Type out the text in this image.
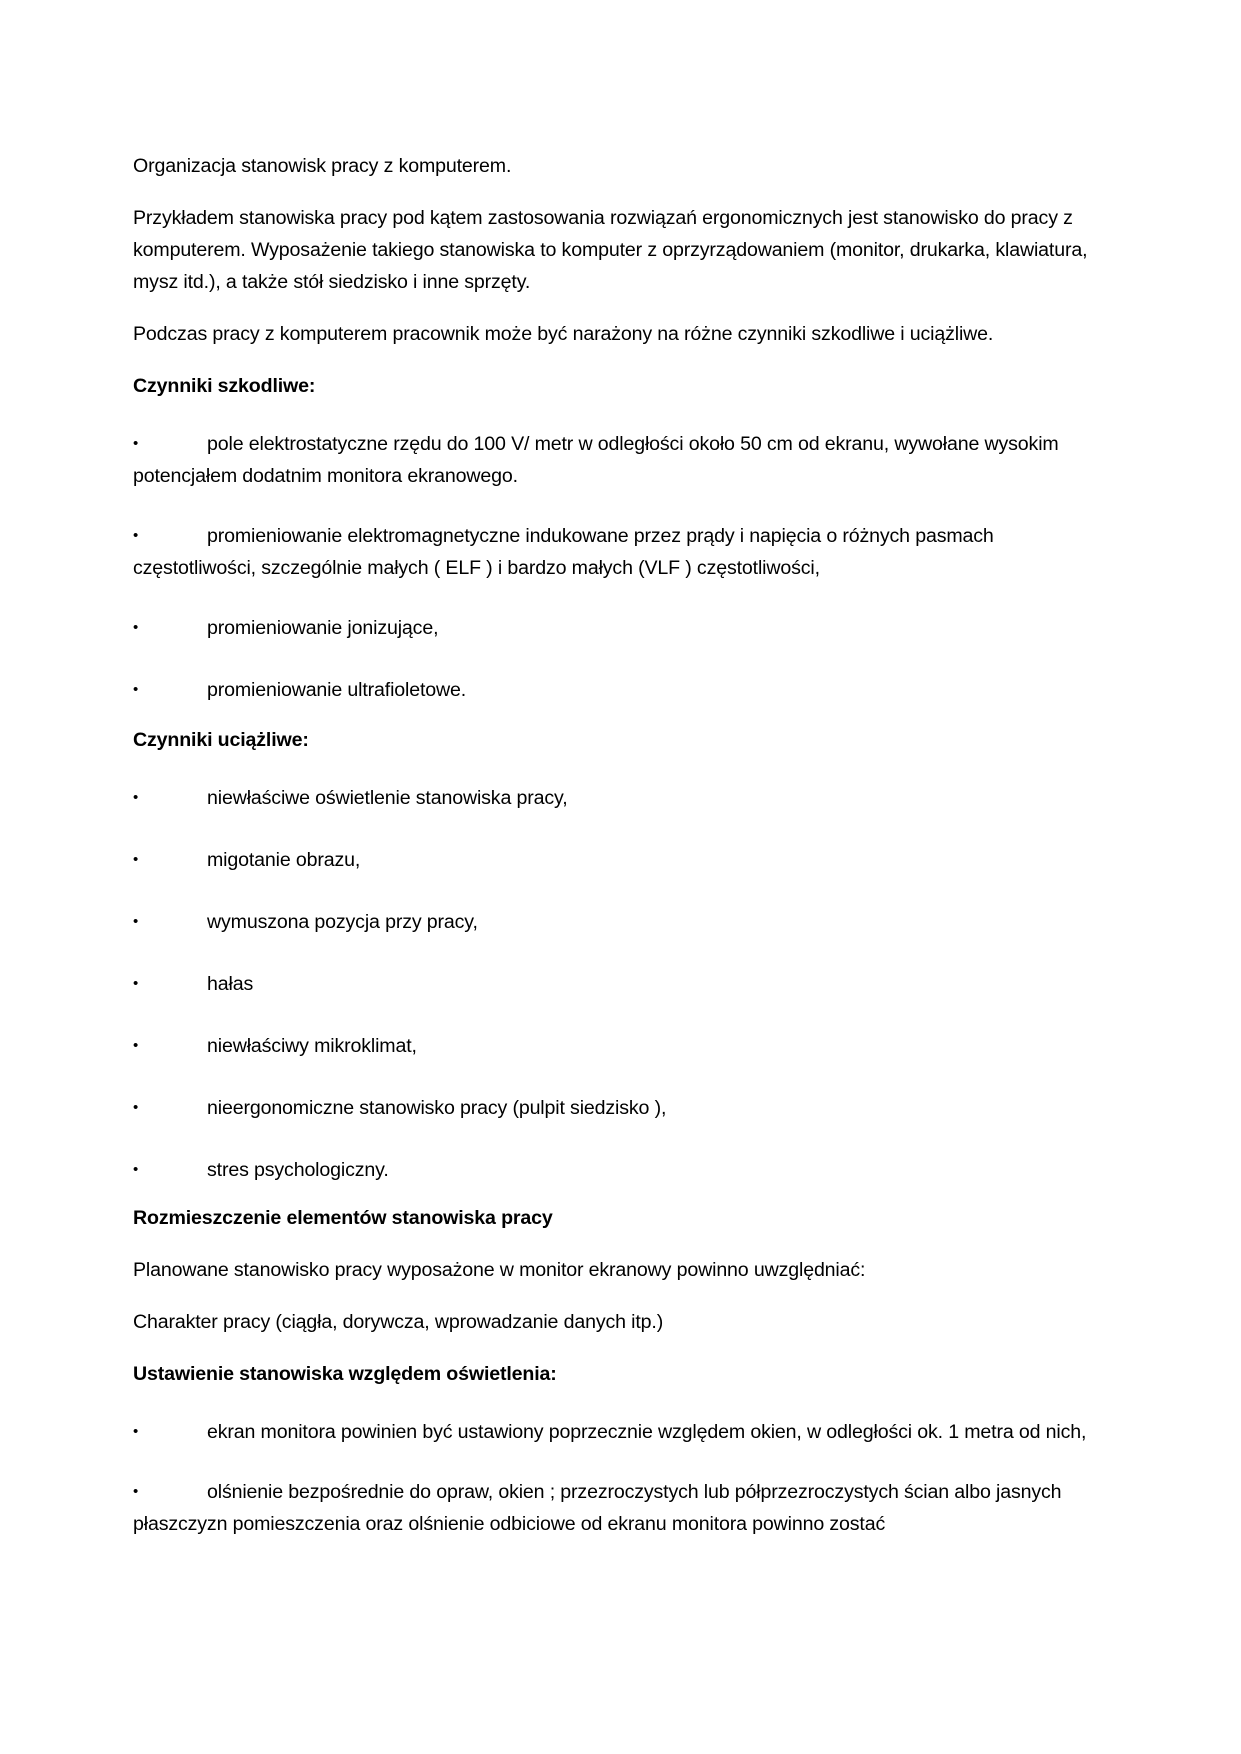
Organizacja stanowisk pracy z komputerem.

Przykładem stanowiska pracy pod kątem zastosowania rozwiązań ergonomicznych jest stanowisko do pracy z komputerem. Wyposażenie takiego stanowiska to komputer z oprzyrządowaniem (monitor, drukarka, klawiatura, mysz itd.), a także stół siedzisko i inne sprzęty.

Podczas pracy z komputerem pracownik może być narażony na różne czynniki szkodliwe i uciążliwe.

Czynniki szkodliwe:

•	pole elektrostatyczne rzędu do 100 V/ metr w odległości około 50 cm od ekranu, wywołane wysokim potencjałem dodatnim monitora ekranowego.

•	promieniowanie elektromagnetyczne indukowane przez prądy i napięcia o różnych pasmach częstotliwości, szczególnie małych ( ELF ) i bardzo małych (VLF ) częstotliwości,

•	promieniowanie jonizujące,

•	promieniowanie ultrafioletowe.

Czynniki uciążliwe:

•	niewłaściwe oświetlenie stanowiska pracy,

•	migotanie obrazu,

•	wymuszona pozycja przy pracy,

•	hałas

•	niewłaściwy mikroklimat,

•	nieergonomiczne stanowisko pracy (pulpit siedzisko ),

•	stres psychologiczny.

Rozmieszczenie elementów stanowiska pracy

Planowane stanowisko pracy wyposażone w monitor ekranowy powinno uwzględniać:

Charakter pracy (ciągła, dorywcza, wprowadzanie danych itp.)

Ustawienie stanowiska względem oświetlenia:

•	ekran monitora powinien być ustawiony poprzecznie względem okien, w odległości ok. 1 metra od nich,

•	olśnienie bezpośrednie do opraw, okien ; przezroczystych lub półprzezroczystych ścian albo jasnych płaszczyzn pomieszczenia oraz olśnienie odbiciowe od ekranu monitora powinno zostać
